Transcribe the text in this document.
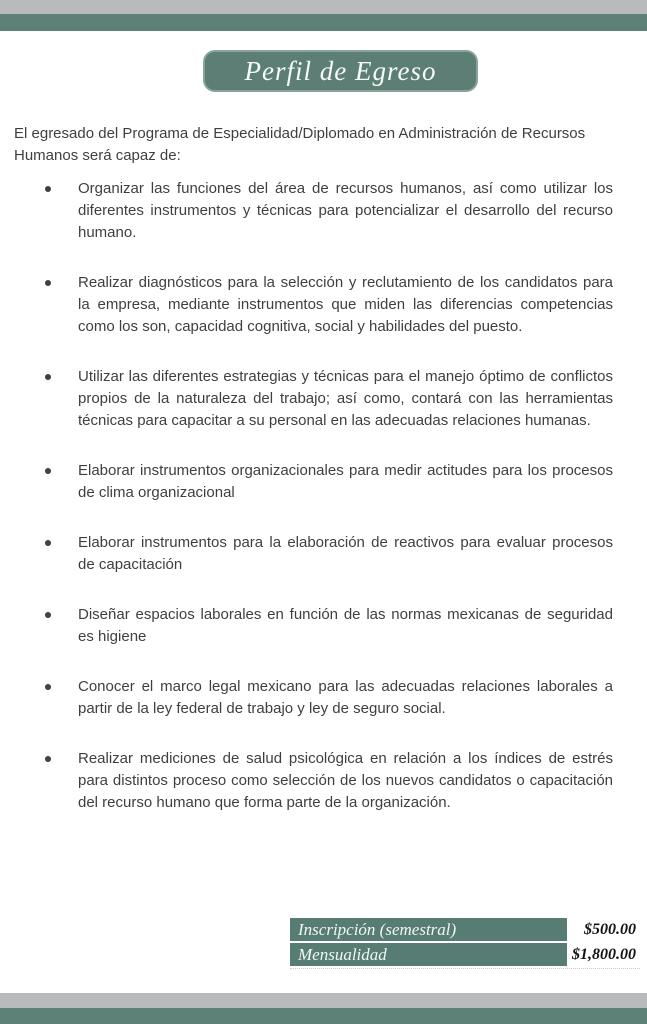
Perfil de Egreso

El egresado del Programa de Especialidad/Diplomado en Administración de Recursos Humanos será capaz de:

Organizar las funciones del área de recursos humanos, así como utilizar los diferentes instrumentos y técnicas para potencializar el desarrollo del recurso humano.
Realizar diagnósticos para la selección y reclutamiento de los candidatos para la empresa, mediante instrumentos que miden las diferencias competencias como los son, capacidad cognitiva, social y habilidades del puesto.
Utilizar las diferentes estrategias y técnicas para el manejo óptimo de conflictos propios de la naturaleza del trabajo; así como, contará con las herramientas técnicas para capacitar a su personal en las adecuadas relaciones humanas.
Elaborar instrumentos organizacionales para medir actitudes para los procesos de clima organizacional
Elaborar instrumentos para la elaboración de reactivos para evaluar procesos de capacitación
Diseñar espacios laborales en función de las normas mexicanas de seguridad es higiene
Conocer el marco legal mexicano para las adecuadas relaciones laborales a partir de la ley federal de trabajo y ley de seguro social.
Realizar mediciones de salud psicológica en relación a los índices de estrés para distintos proceso como selección de los nuevos candidatos o capacitación del recurso humano que forma parte de la organización.
Inscripción (semestral)	$500.00
Mensualidad	$1,800.00
